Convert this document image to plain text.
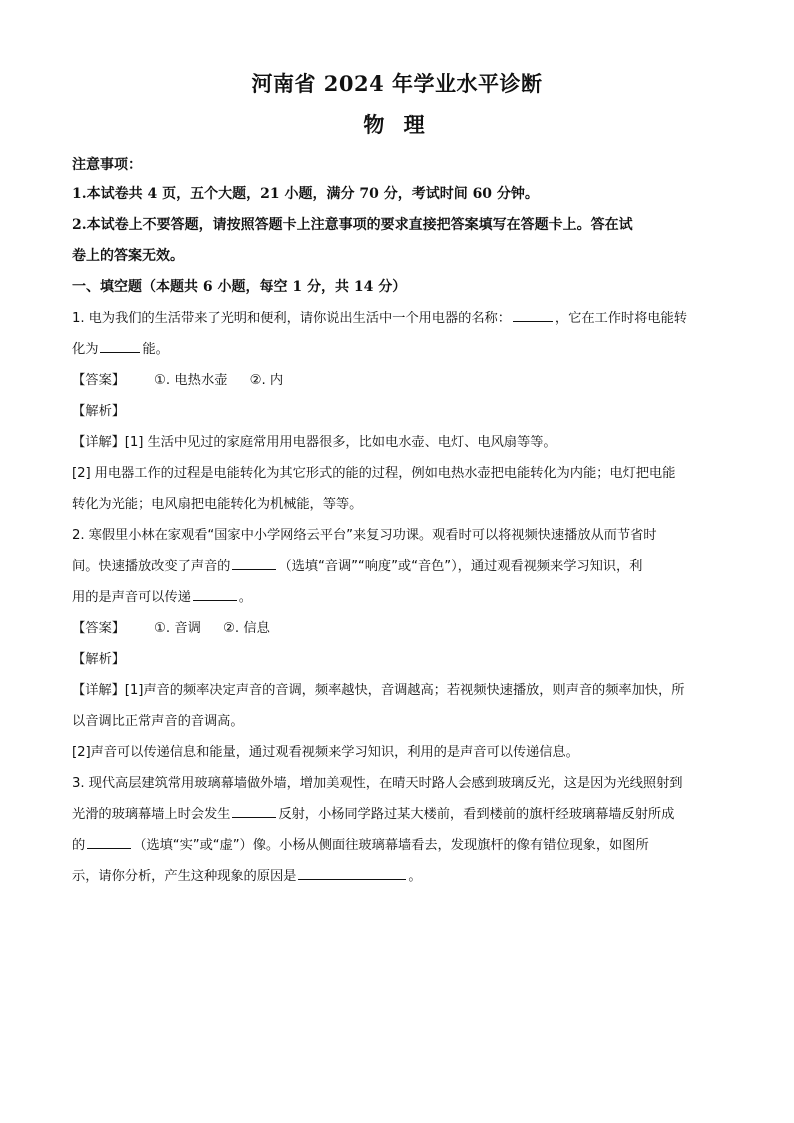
河南省 2024 年学业水平诊断
物 理
注意事项：
1.本试卷共 4 页，五个大题，21 小题，满分 70 分，考试时间 60 分钟。
2.本试卷上不要答题，请按照答题卡上注意事项的要求直接把答案填写在答题卡上。答在试
卷上的答案无效。
一、填空题（本题共 6 小题，每空 1 分，共 14 分）
1. 电为我们的生活带来了光明和便利，请你说出生活中一个用电器的名称：	，它在工作时将电能转
化为	能。
【答案】 ①. 电热水壶 ②. 内
【解析】
【详解】[1] 生活中见过的家庭常用用电器很多，比如电水壶、电灯、电风扇等等。
[2] 用电器工作的过程是电能转化为其它形式的能的过程，例如电热水壶把电能转化为内能；电灯把电能
转化为光能；电风扇把电能转化为机械能，等等。
2. 寒假里小林在家观看“国家中小学网络云平台”来复习功课。观看时可以将视频快速播放从而节省时
间。快速播放改变了声音的	（选填“音调”“响度”或“音色”），通过观看视频来学习知识，利
用的是声音可以传递	。
【答案】 ①. 音调 ②. 信息
【解析】
【详解】[1]声音的频率决定声音的音调，频率越快，音调越高；若视频快速播放，则声音的频率加快，所
以音调比正常声音的音调高。
[2]声音可以传递信息和能量，通过观看视频来学习知识，利用的是声音可以传递信息。
3. 现代高层建筑常用玻璃幕墙做外墙，增加美观性，在晴天时路人会感到玻璃反光，这是因为光线照射到
光滑的玻璃幕墙上时会发生	反射，小杨同学路过某大楼前，看到楼前的旗杆经玻璃幕墙反射所成
的	（选填“实”或“虚”）像。小杨从侧面往玻璃幕墙看去，发现旗杆的像有错位现象，如图所
示，请你分析，产生这种现象的原因是	。
